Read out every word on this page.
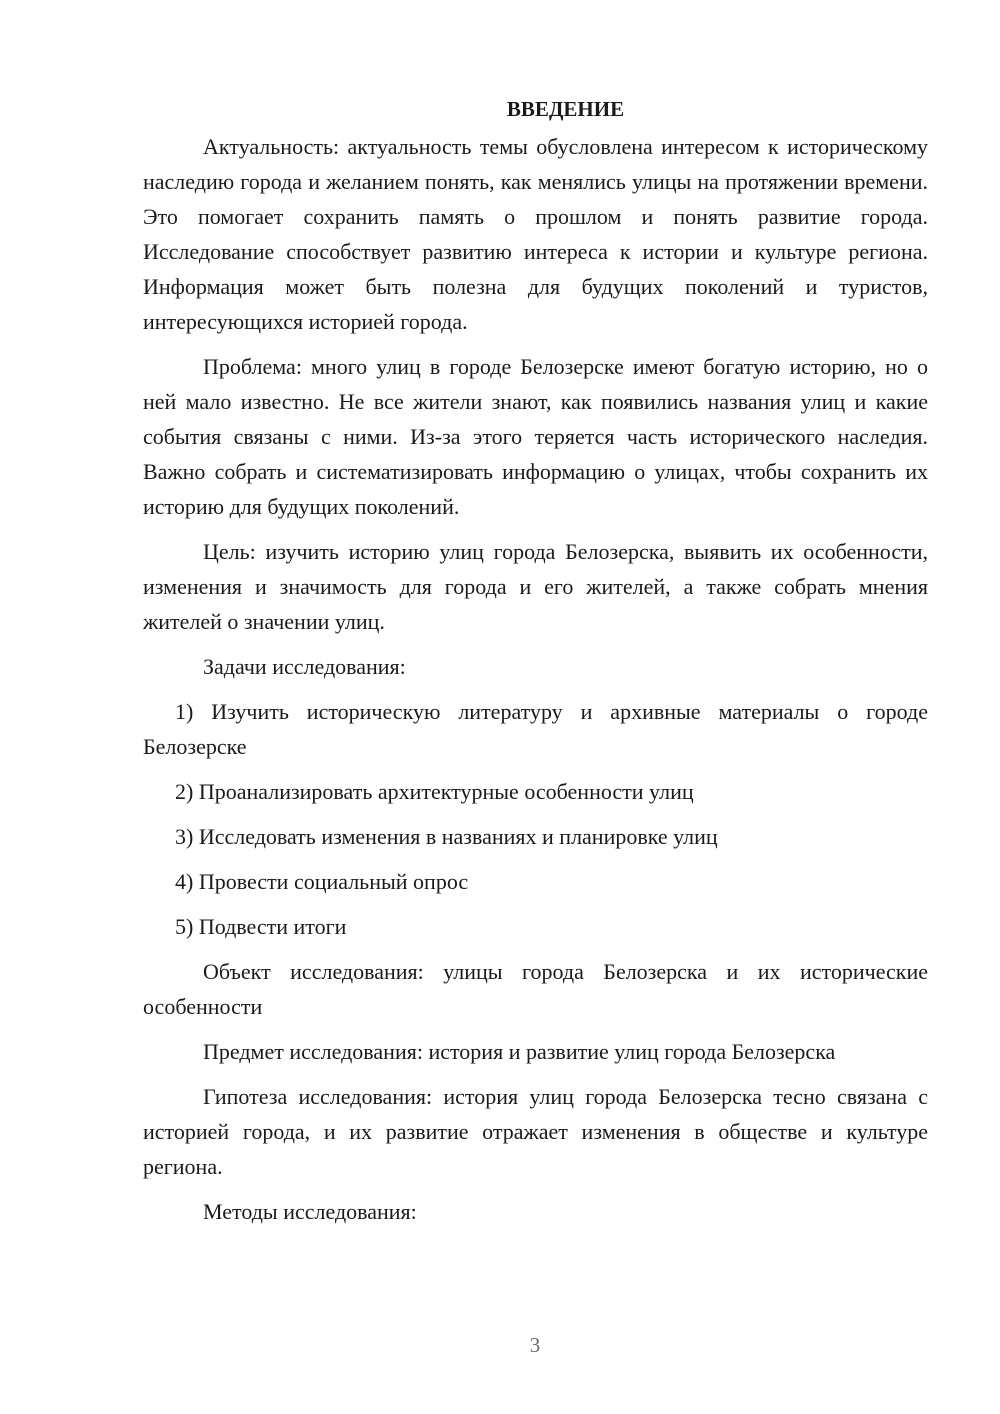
ВВЕДЕНИЕ

Актуальность: актуальность темы обусловлена интересом к историческому наследию города и желанием понять, как менялись улицы на протяжении времени. Это помогает сохранить память о прошлом и понять развитие города. Исследование способствует развитию интереса к истории и культуре региона. Информация может быть полезна для будущих поколений и туристов, интересующихся историей города.

Проблема: много улиц в городе Белозерске имеют богатую историю, но о ней мало известно. Не все жители знают, как появились названия улиц и какие события связаны с ними. Из-за этого теряется часть исторического наследия. Важно собрать и систематизировать информацию о улицах, чтобы сохранить их историю для будущих поколений.

Цель: изучить историю улиц города Белозерска, выявить их особенности, изменения и значимость для города и его жителей, а также собрать мнения жителей о значении улиц.

Задачи исследования:

1) Изучить историческую литературу и архивные материалы о городе Белозерске

2) Проанализировать архитектурные особенности улиц

3) Исследовать изменения в названиях и планировке улиц

4) Провести социальный опрос

5) Подвести итоги

Объект исследования: улицы города Белозерска и их исторические особенности

Предмет исследования: история и развитие улиц города Белозерска

Гипотеза исследования: история улиц города Белозерска тесно связана с историей города, и их развитие отражает изменения в обществе и культуре региона.

Методы исследования:

3
